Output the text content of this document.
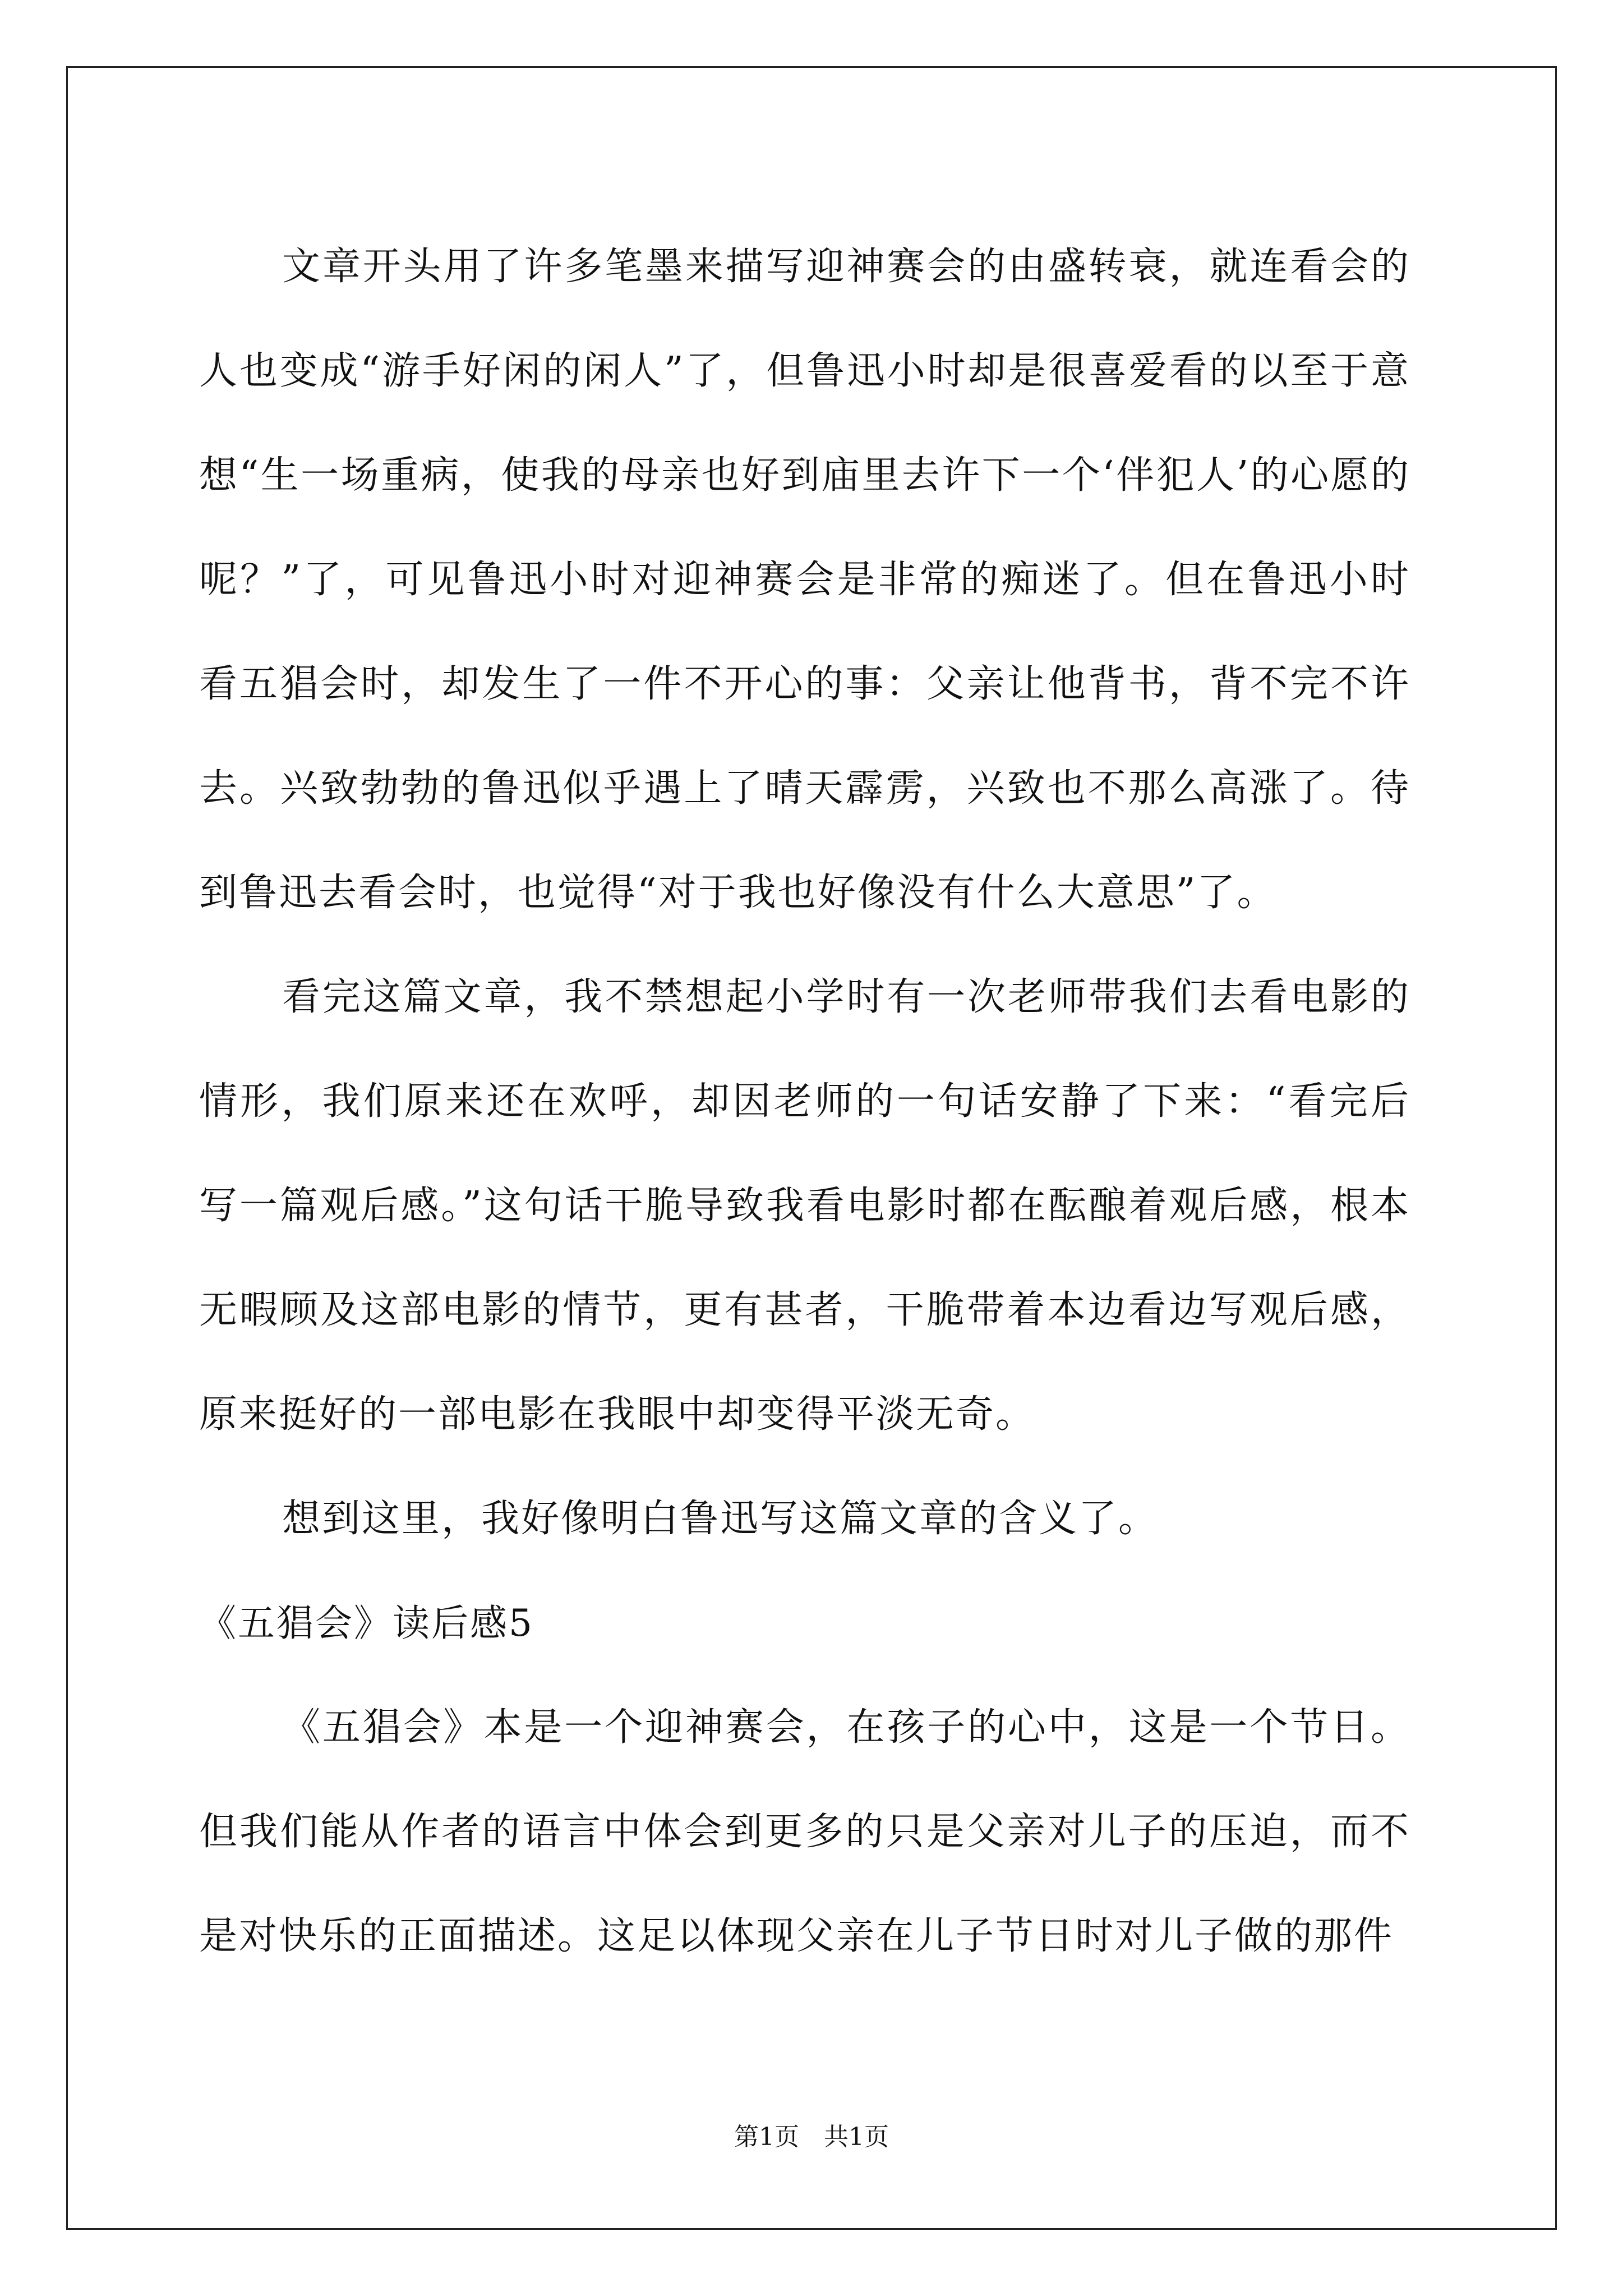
文章开头用了许多笔墨来描写迎神赛会的由盛转衰，就连看会的人也变成“游手好闲的闲人”了，但鲁迅小时却是很喜爱看的以至于意想“生一场重病，使我的母亲也好到庙里去许下一个‘伴犯人’的心愿的呢？”了，可见鲁迅小时对迎神赛会是非常的痴迷了。但在鲁迅小时看五猖会时，却发生了一件不开心的事：父亲让他背书，背不完不许去。兴致勃勃的鲁迅似乎遇上了晴天霹雳，兴致也不那么高涨了。待到鲁迅去看会时，也觉得“对于我也好像没有什么大意思”了。

看完这篇文章，我不禁想起小学时有一次老师带我们去看电影的情形，我们原来还在欢呼，却因老师的一句话安静了下来：“看完后写一篇观后感。”这句话干脆导致我看电影时都在酝酿着观后感，根本无暇顾及这部电影的情节，更有甚者，干脆带着本边看边写观后感，原来挺好的一部电影在我眼中却变得平淡无奇。

想到这里，我好像明白鲁迅写这篇文章的含义了。

《五猖会》读后感5

《五猖会》本是一个迎神赛会，在孩子的心中，这是一个节日。但我们能从作者的语言中体会到更多的只是父亲对儿子的压迫，而不是对快乐的正面描述。这足以体现父亲在儿子节日时对儿子做的那件

第1页　共1页
